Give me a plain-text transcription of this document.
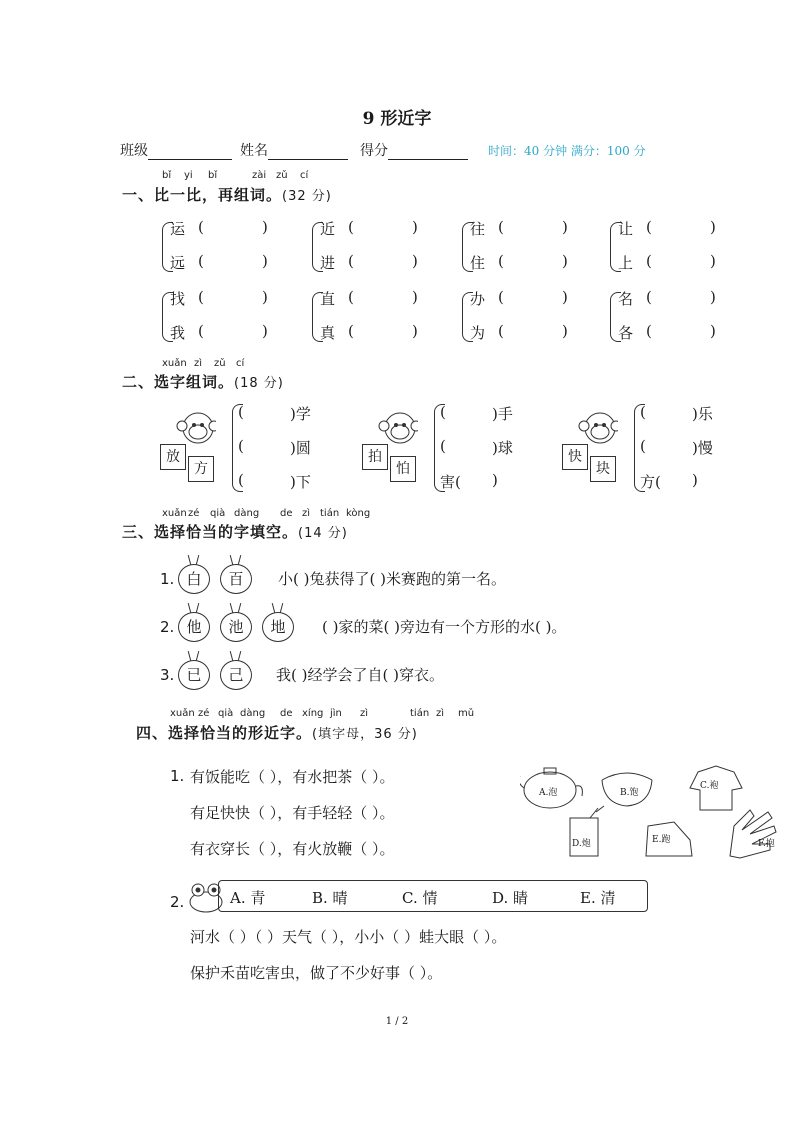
9 形近字
班级	姓名	得分	时间：40 分钟 满分：100 分
bǐ yi bǐ	zài zǔ cí
一、比一比，再组词。(32 分)
运 (	)
远 (	)
近 (	)
进 (	)
往 (	)
住 (	)
让 (	)
上 (	)
找 (	)
我 (	)
直 (	)
真 (	)
办 (	)
为 (	)
名 (	)
各 (	)
xuǎn zì zǔ cí
二、选字组词。(18 分)
放
方
(	)学
(	)圆
(	)下
拍
怕
(	)手
(	)球
害( )
快
块
(	)乐
(	)慢
方( )
xuǎn zé qià dàng de zì tián kòng
三、选择恰当的字填空。(14 分)
1. 白	百	小( )兔获得了( )米赛跑的第一名。
2. 他	池	地	( )家的菜( )旁边有一个方形的水( )。
3. 已	己	我( )经学会了自( )穿衣。
xuǎn zé qià dàng de xíng jìn zì	tián zì mǔ
四、选择恰当的形近字。(填字母，36 分)
1. 有饭能吃（ ），有水把茶（ ）。
有足快快（ ），有手轻轻（ ）。
有衣穿长（ ），有火放鞭（ ）。
A.泡	B.饱
C.袍
D.炮	E.跑	F.抱
2.	A. 青	B. 晴	C. 情	D. 睛	E. 清
河水（ ）（ ）天气（ ），小小（ ）蛙大眼（ ）。
保护禾苗吃害虫，做了不少好事（ ）。
1 / 2
